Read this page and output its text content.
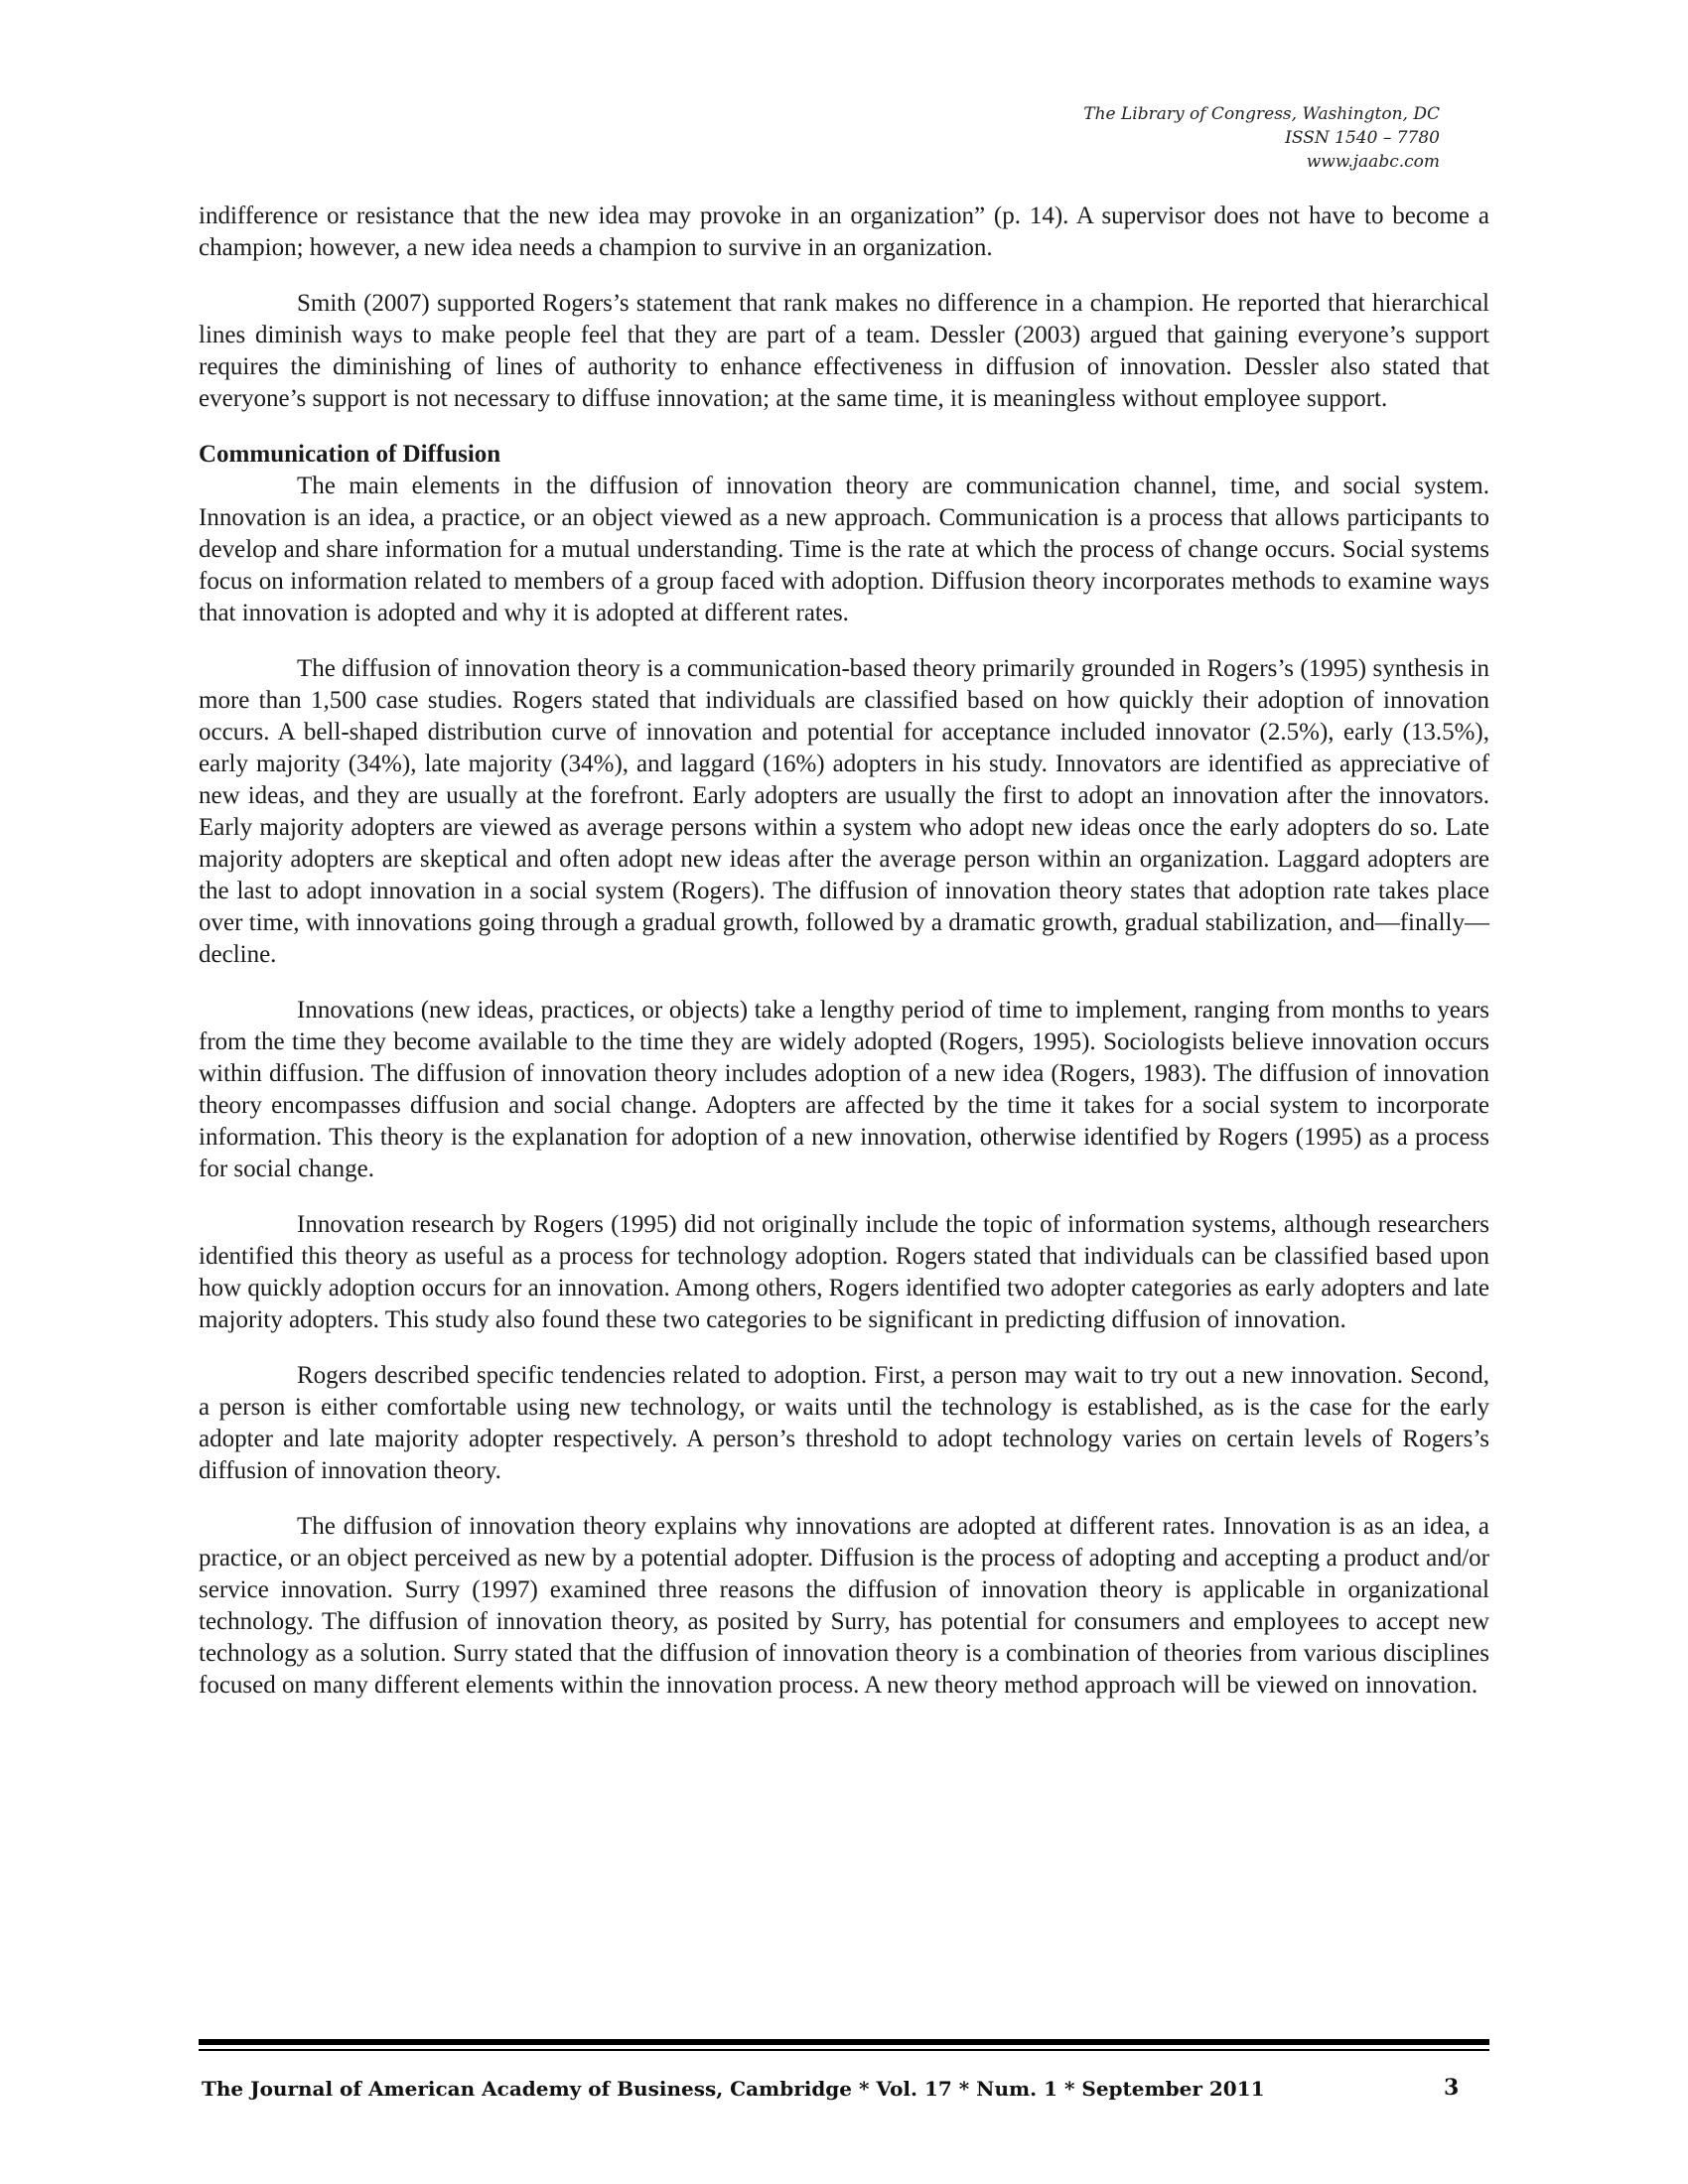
The Library of Congress, Washington, DC
ISSN 1540 – 7780
www.jaabc.com

indifference or resistance that the new idea may provoke in an organization” (p. 14). A supervisor does not have to become a champion; however, a new idea needs a champion to survive in an organization.

Smith (2007) supported Rogers’s statement that rank makes no difference in a champion. He reported that hierarchical lines diminish ways to make people feel that they are part of a team. Dessler (2003) argued that gaining everyone’s support requires the diminishing of lines of authority to enhance effectiveness in diffusion of innovation. Dessler also stated that everyone’s support is not necessary to diffuse innovation; at the same time, it is meaningless without employee support.

Communication of Diffusion

The main elements in the diffusion of innovation theory are communication channel, time, and social system. Innovation is an idea, a practice, or an object viewed as a new approach. Communication is a process that allows participants to develop and share information for a mutual understanding. Time is the rate at which the process of change occurs. Social systems focus on information related to members of a group faced with adoption. Diffusion theory incorporates methods to examine ways that innovation is adopted and why it is adopted at different rates.

The diffusion of innovation theory is a communication-based theory primarily grounded in Rogers’s (1995) synthesis in more than 1,500 case studies. Rogers stated that individuals are classified based on how quickly their adoption of innovation occurs. A bell-shaped distribution curve of innovation and potential for acceptance included innovator (2.5%), early (13.5%), early majority (34%), late majority (34%), and laggard (16%) adopters in his study. Innovators are identified as appreciative of new ideas, and they are usually at the forefront. Early adopters are usually the first to adopt an innovation after the innovators. Early majority adopters are viewed as average persons within a system who adopt new ideas once the early adopters do so. Late majority adopters are skeptical and often adopt new ideas after the average person within an organization. Laggard adopters are the last to adopt innovation in a social system (Rogers). The diffusion of innovation theory states that adoption rate takes place over time, with innovations going through a gradual growth, followed by a dramatic growth, gradual stabilization, and—finally—decline.

Innovations (new ideas, practices, or objects) take a lengthy period of time to implement, ranging from months to years from the time they become available to the time they are widely adopted (Rogers, 1995). Sociologists believe innovation occurs within diffusion. The diffusion of innovation theory includes adoption of a new idea (Rogers, 1983). The diffusion of innovation theory encompasses diffusion and social change. Adopters are affected by the time it takes for a social system to incorporate information. This theory is the explanation for adoption of a new innovation, otherwise identified by Rogers (1995) as a process for social change.

Innovation research by Rogers (1995) did not originally include the topic of information systems, although researchers identified this theory as useful as a process for technology adoption. Rogers stated that individuals can be classified based upon how quickly adoption occurs for an innovation. Among others, Rogers identified two adopter categories as early adopters and late majority adopters. This study also found these two categories to be significant in predicting diffusion of innovation.

Rogers described specific tendencies related to adoption. First, a person may wait to try out a new innovation. Second, a person is either comfortable using new technology, or waits until the technology is established, as is the case for the early adopter and late majority adopter respectively. A person’s threshold to adopt technology varies on certain levels of Rogers’s diffusion of innovation theory.

The diffusion of innovation theory explains why innovations are adopted at different rates. Innovation is as an idea, a practice, or an object perceived as new by a potential adopter. Diffusion is the process of adopting and accepting a product and/or service innovation. Surry (1997) examined three reasons the diffusion of innovation theory is applicable in organizational technology. The diffusion of innovation theory, as posited by Surry, has potential for consumers and employees to accept new technology as a solution. Surry stated that the diffusion of innovation theory is a combination of theories from various disciplines focused on many different elements within the innovation process. A new theory method approach will be viewed on innovation.

The Journal of American Academy of Business, Cambridge * Vol. 17 * Num. 1 * September 2011	3
